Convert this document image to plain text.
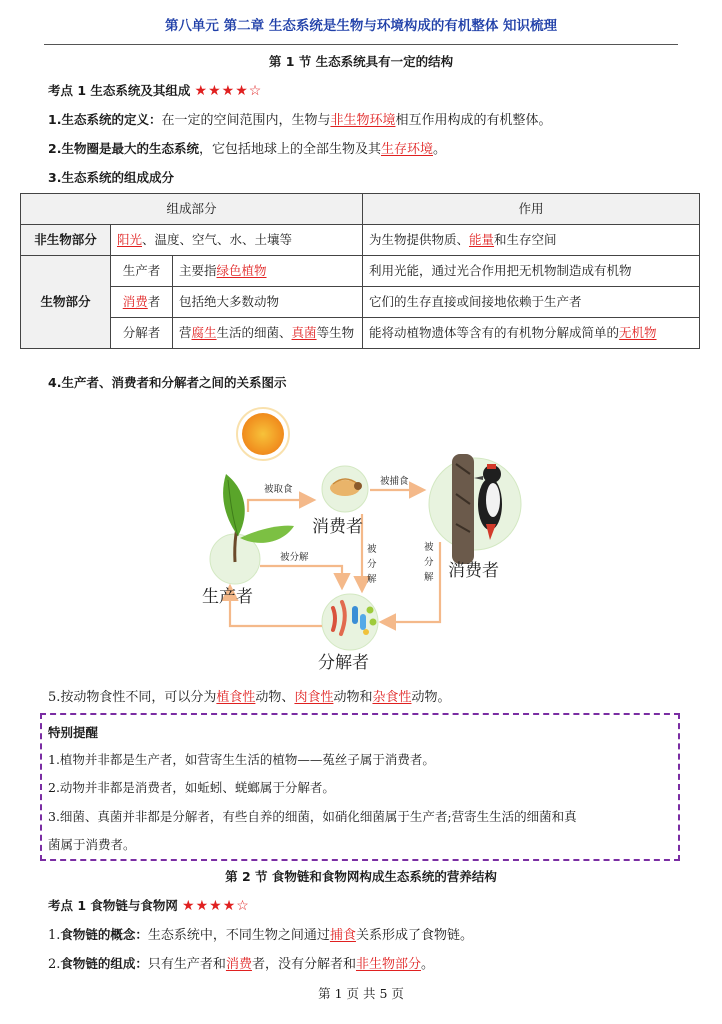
第八单元 第二章 生态系统是生物与环境构成的有机整体 知识梳理
第 1 节 生态系统具有一定的结构
考点 1 生态系统及其组成 ★★★★☆
1.生态系统的定义：在一定的空间范围内，生物与非生物环境相互作用构成的有机整体。
2.生物圈是最大的生态系统，它包括地球上的全部生物及其生存环境。
3.生态系统的组成成分
组成部分			作用
非生物部分	阳光、温度、空气、水、土壤等		为生物提供物质、能量和生存空间
生物部分	生产者	主要指绿色植物	利用光能，通过光合作用把无机物制造成有机物
	消费者	包括绝大多数动物	它们的生存直接或间接地依赖于生产者
	分解者	营腐生生活的细菌、真菌等生物	能将动植物遗体等含有的有机物分解成简单的无机物
4.生产者、消费者和分解者之间的关系图示
生产者
消费者
消费者
分解者
被取食
被捕食
被分解
被
分
解
被
分
解
5.按动物食性不同，可以分为植食性动物、肉食性动物和杂食性动物。
特别提醒
1.植物并非都是生产者，如营寄生生活的植物——菟丝子属于消费者。
2.动物并非都是消费者，如蚯蚓、蜣螂属于分解者。
3.细菌、真菌并非都是分解者，有些自养的细菌，如硝化细菌属于生产者;营寄生生活的细菌和真
菌属于消费者。
第 2 节 食物链和食物网构成生态系统的营养结构
考点 1 食物链与食物网 ★★★★☆
1.食物链的概念：生态系统中，不同生物之间通过捕食关系形成了食物链。
2.食物链的组成：只有生产者和消费者，没有分解者和非生物部分。
第 1 页 共 5 页
